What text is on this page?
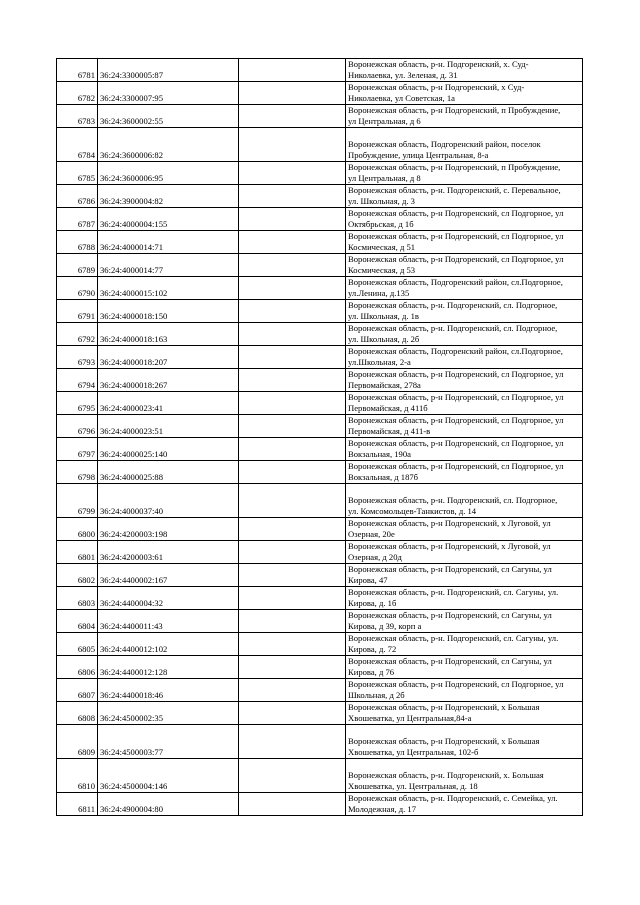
6781	36:24:3300005:87		Воронежская область, р-н. Подгоренский, х. Суд-
Николаевка, ул. Зеленая, д. 31
6782	36:24:3300007:95		Воронежская область, р-н Подгоренский, х Суд-
Николаевка, ул Советская, 1а
6783	36:24:3600002:55		Воронежская область, р-н Подгоренский, п Пробуждение,
ул Центральная, д 6
6784	36:24:3600006:82		Воронежская область, Подгоренский район, поселок
Пробуждение, улица Центральная, 8-а
6785	36:24:3600006:95		Воронежская область, р-н Подгоренский, п Пробуждение,
ул Центральная, д 8
6786	36:24:3900004:82		Воронежская область, р-н. Подгоренский, с. Перевальное,
ул. Школьная, д. 3
6787	36:24:4000004:155		Воронежская область, р-н Подгоренский, сл Подгорное, ул
Октябрьская, д 1б
6788	36:24:4000014:71		Воронежская область, р-н Подгоренский, сл Подгорное, ул
Космическая, д 51
6789	36:24:4000014:77		Воронежская область, р-н Подгоренский, сл Подгорное, ул
Космическая, д 53
6790	36:24:4000015:102		Воронежская область, Подгоренский район, сл.Подгорное,
ул.Ленина, д.135
6791	36:24:4000018:150		Воронежская область, р-н. Подгоренский, сл. Подгорное,
ул. Школьная, д. 1в
6792	36:24:4000018:163		Воронежская область, р-н. Подгоренский, сл. Подгорное,
ул. Школьная, д. 2б
6793	36:24:4000018:207		Воронежская область, Подгоренский район, сл.Подгорное,
ул.Школьная, 2-а
6794	36:24:4000018:267		Воронежская область, р-н Подгоренский, сл Подгорное, ул
Первомайская, 278а
6795	36:24:4000023:41		Воронежская область, р-н Подгоренский, сл Подгорное, ул
Первомайская, д 411б
6796	36:24:4000023:51		Воронежская область, р-н Подгоренский, сл Подгорное, ул
Первомайская, д 411-в
6797	36:24:4000025:140		Воронежская область, р-н Подгоренский, сл Подгорное, ул
Вокзальная, 190а
6798	36:24:4000025:88		Воронежская область, р-н Подгоренский, сл Подгорное, ул
Вокзальная, д 187б
6799	36:24:4000037:40		Воронежская область, р-н. Подгоренский, сл. Подгорное,
ул. Комсомольцев-Танкистов, д. 14
6800	36:24:4200003:198		Воронежская область, р-н Подгоренский, х Луговой, ул
Озерная, 20е
6801	36:24:4200003:61		Воронежская область, р-н Подгоренский, х Луговой, ул
Озерная, д 20д
6802	36:24:4400002:167		Воронежская область, р-н Подгоренский, сл Сагуны, ул
Кирова, 47
6803	36:24:4400004:32		Воронежская область, р-н. Подгоренский, сл. Сагуны, ул.
Кирова, д. 1б
6804	36:24:4400011:43		Воронежская область, р-н Подгоренский, сл Сагуны, ул
Кирова, д 39, корп а
6805	36:24:4400012:102		Воронежская область, р-н. Подгоренский, сл. Сагуны, ул.
Кирова, д. 72
6806	36:24:4400012:128		Воронежская область, р-н Подгоренский, сл Сагуны, ул
Кирова, д 76
6807	36:24:4400018:46		Воронежская область, р-н Подгоренский, сл Подгорное, ул
Школьная, д 2б
6808	36:24:4500002:35		Воронежская область, р-н Подгоренский, х Большая
Хвошеватка, ул Центральная,84-а
6809	36:24:4500003:77		Воронежская область, р-н Подгоренский, х Большая
Хвошеватка, ул Центральная, 102-б
6810	36:24:4500004:146		Воронежская область, р-н. Подгоренский, х. Большая
Хвошеватка, ул. Центральная, д. 18
6811	36:24:4900004:80		Воронежская область, р-н. Подгоренский, с. Семейка, ул.
Молодежная, д. 17
